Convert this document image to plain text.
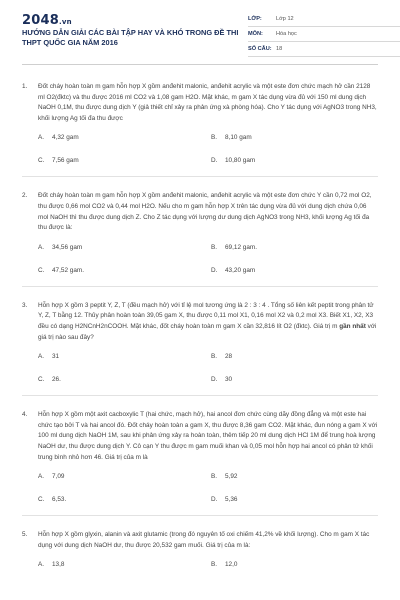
2048.vn
HƯỚNG DẪN GIẢI CÁC BÀI TẬP HAY VÀ KHÓ TRONG ĐỀ THI THPT QUỐC GIA NĂM 2016
LỚP:	Lớp 12
MÔN:	Hóa học
SỐ CÂU: 18
1.	Đốt cháy hoàn toàn m gam hỗn hợp X gồm anđehit malonic, anđehit acrylic và một este đơn chức mạch hở cần 2128 ml O2(đktc) và thu được 2016 ml CO2 và 1,08 gam H2O. Mặt khác, m gam X tác dụng vừa đủ với 150 ml dung dịch NaOH 0,1M, thu được dung dịch Y (giả thiết chỉ xảy ra phản ứng xà phòng hóa). Cho Y tác dụng với AgNO3 trong NH3, khối lượng Ag tối đa thu được
A.	4,32 gam	B.	8,10 gam
C.	7,56 gam	D.	10,80 gam
2.	Đốt cháy hoàn toàn m gam hỗn hợp X gồm anđehit malonic, anđehit acrylic và một este đơn chức Y cần 0,72 mol O2, thu được 0,66 mol CO2 và 0,44 mol H2O. Nếu cho m gam hỗn hợp X trên tác dụng vừa đủ với dung dịch chứa 0,06 mol NaOH thì thu được dung dịch Z. Cho Z tác dụng với lượng dư dung dịch AgNO3 trong NH3, khối lượng Ag tối đa thu được là:
A.	34,56 gam	B.	69,12 gam.
C.	47,52 gam.	D.	43,20 gam
3.	Hỗn hợp X gồm 3 peptit Y, Z, T (đều mạch hở) với tỉ lệ mol tương ứng là 2 : 3 : 4 . Tổng số liên kết peptit trong phân tử Y, Z, T bằng 12. Thủy phân hoàn toàn 39,05 gam X, thu được 0,11 mol X1, 0,16 mol X2 và 0,2 mol X3. Biết X1, X2, X3 đều có dạng H2NCnH2nCOOH. Mặt khác, đốt cháy hoàn toàn m gam X cần 32,816 lít O2 (đktc). Giá trị m gần nhất với giá trị nào sau đây?
A.	31	B.	28
C.	26.	D.	30
4.	Hỗn hợp X gồm một axit cacboxylic T (hai chức, mạch hở), hai ancol đơn chức cùng dãy đồng đẳng và một este hai chức tạo bởi T và hai ancol đó. Đốt cháy hoàn toàn a gam X, thu được 8,36 gam CO2. Mặt khác, đun nóng a gam X với 100 ml dung dịch NaOH 1M, sau khi phản ứng xảy ra hoàn toàn, thêm tiếp 20 ml dung dịch HCl 1M để trung hoà lượng NaOH dư, thu được dung dịch Y. Cô cạn Y thu được m gam muối khan và 0,05 mol hỗn hợp hai ancol có phân tử khối trung bình nhỏ hơn 46. Giá trị của m là
A.	7,09	B.	5,92
C.	6,53.	D.	5,36
5.	Hỗn hợp X gồm glyxin, alanin và axit glutamic (trong đó nguyên tố oxi chiếm 41,2% về khối lượng). Cho m gam X tác dụng với dung dịch NaOH dư, thu được 20,532 gam muối. Giá trị của m là:
A.	13,8	B.	12,0
